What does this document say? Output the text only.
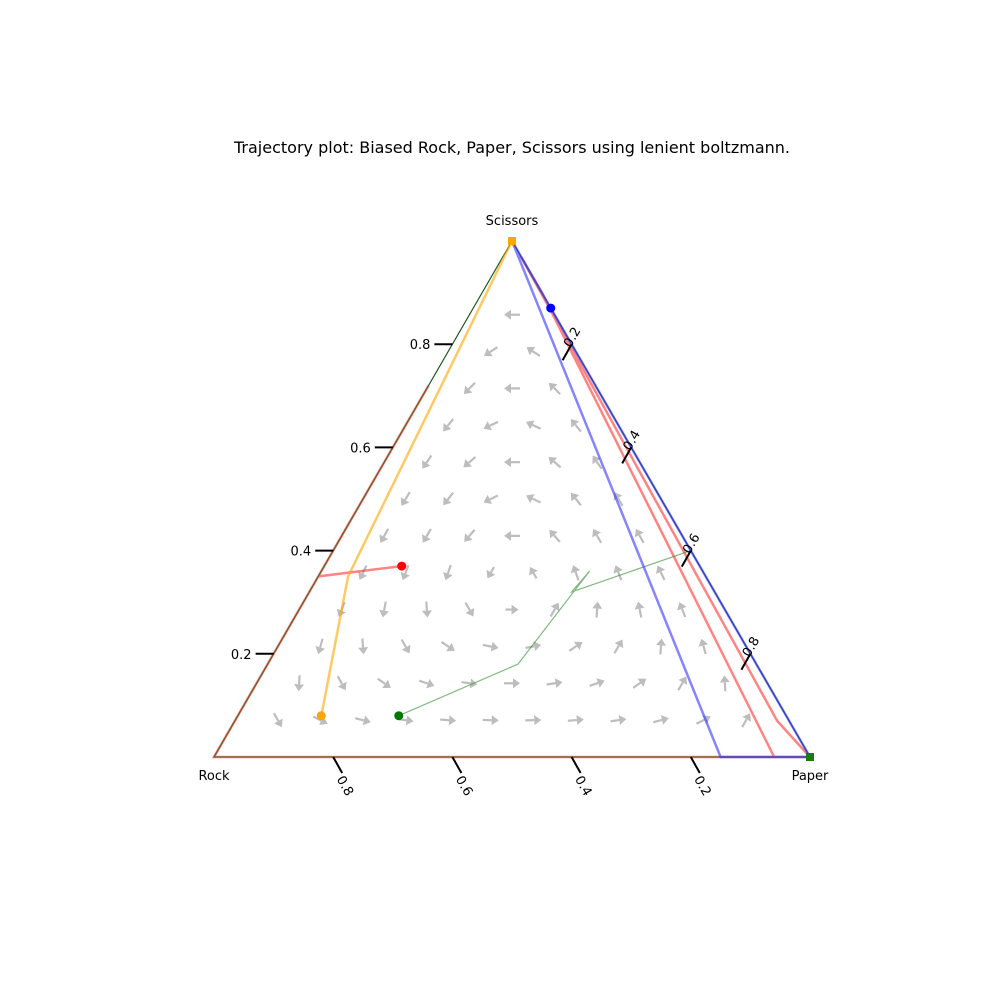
Trajectory plot: Biased Rock, Paper, Scissors using lenient boltzmann.
0.2
0.4
0.6
0.8	0.2
0.4
0.6
0.8
0.8	0.6	0.4	0.2
Scissors
Rock	Paper
